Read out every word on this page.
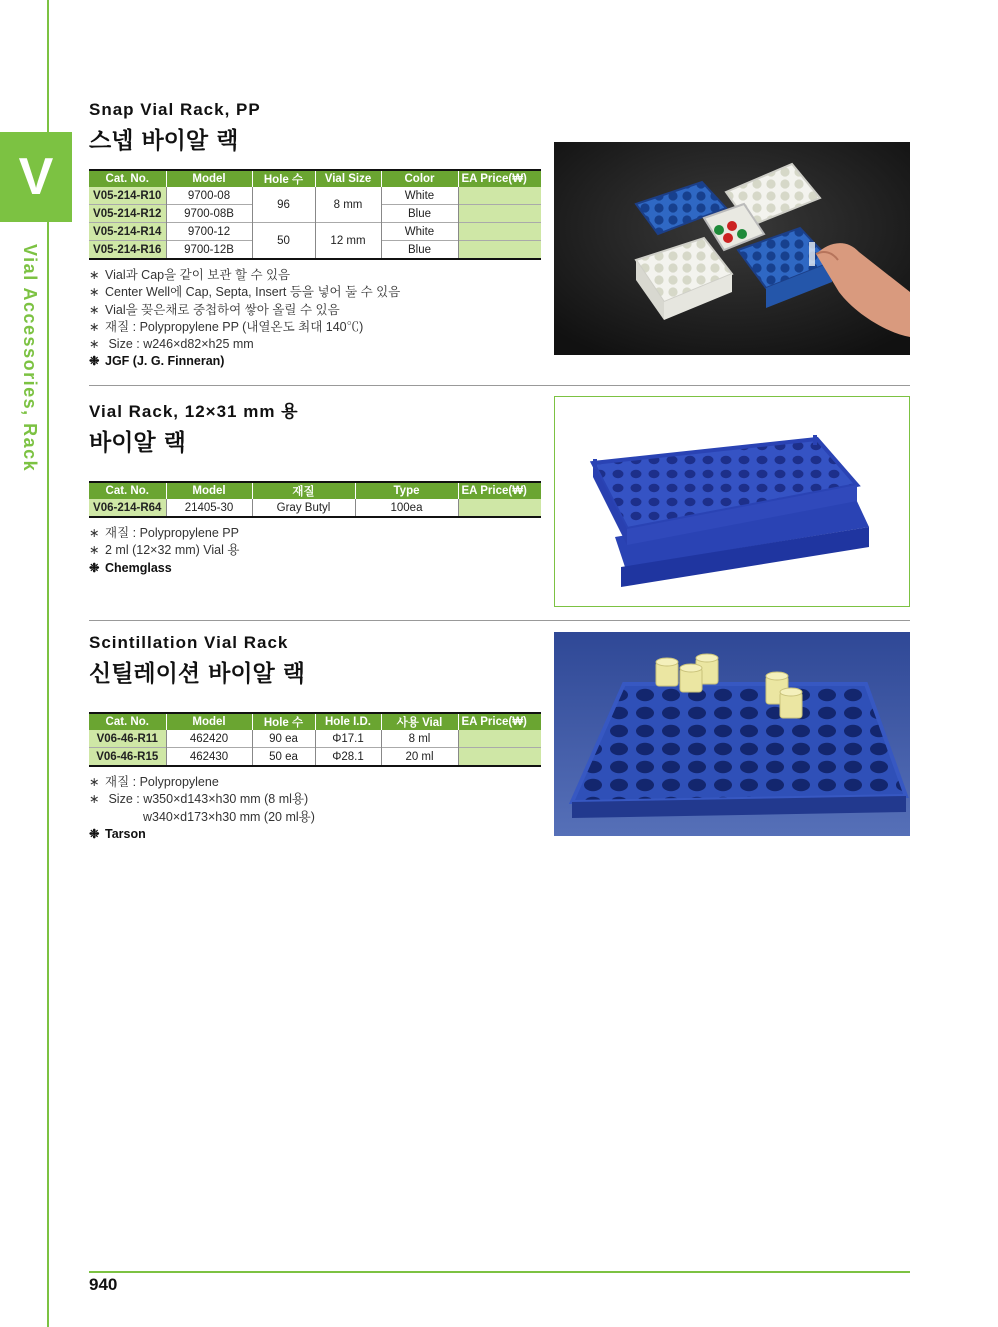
V
Vial Accessories, Rack
Snap Vial Rack, PP
스넵 바이알 랙
Cat. No.	Model	Hole 수	Vial Size	Color	EA Price(₩)
V05-214-R10	9700-08	96	8 mm	White	
V05-214-R12	9700-08B			Blue	
V05-214-R14	9700-12	50	12 mm	White	
V05-214-R16	9700-12B			Blue	
∗ Vial과 Cap을 같이 보관 할 수 있음
∗ Center Well에 Cap, Septa, Insert 등을 넣어 둘 수 있음
∗ Vial을 꽂은채로 중첩하여 쌓아 올릴 수 있음
∗ 재질 : Polypropylene PP (내열온도 최대 140℃)
∗ Size : w246×d82×h25 mm
❉ JGF (J. G. Finneran)
Vial Rack, 12×31 mm 용
바이알 랙
Cat. No.	Model	재질	Type	EA Price(₩)
V06-214-R64	21405-30	Gray Butyl	100ea	
∗ 재질 : Polypropylene PP
∗ 2 ml (12×32 mm) Vial 용
❉ Chemglass
Scintillation Vial Rack
신틸레이션 바이알 랙
Cat. No.	Model	Hole 수	Hole I.D.	사용 Vial	EA Price(₩)
V06-46-R11	462420	90 ea	Φ17.1	8 ml	
V06-46-R15	462430	50 ea	Φ28.1	20 ml	
∗ 재질 : Polypropylene
∗ Size : w350×d143×h30 mm (8 ml용)
w340×d173×h30 mm (20 ml용)
❉ Tarson
940
